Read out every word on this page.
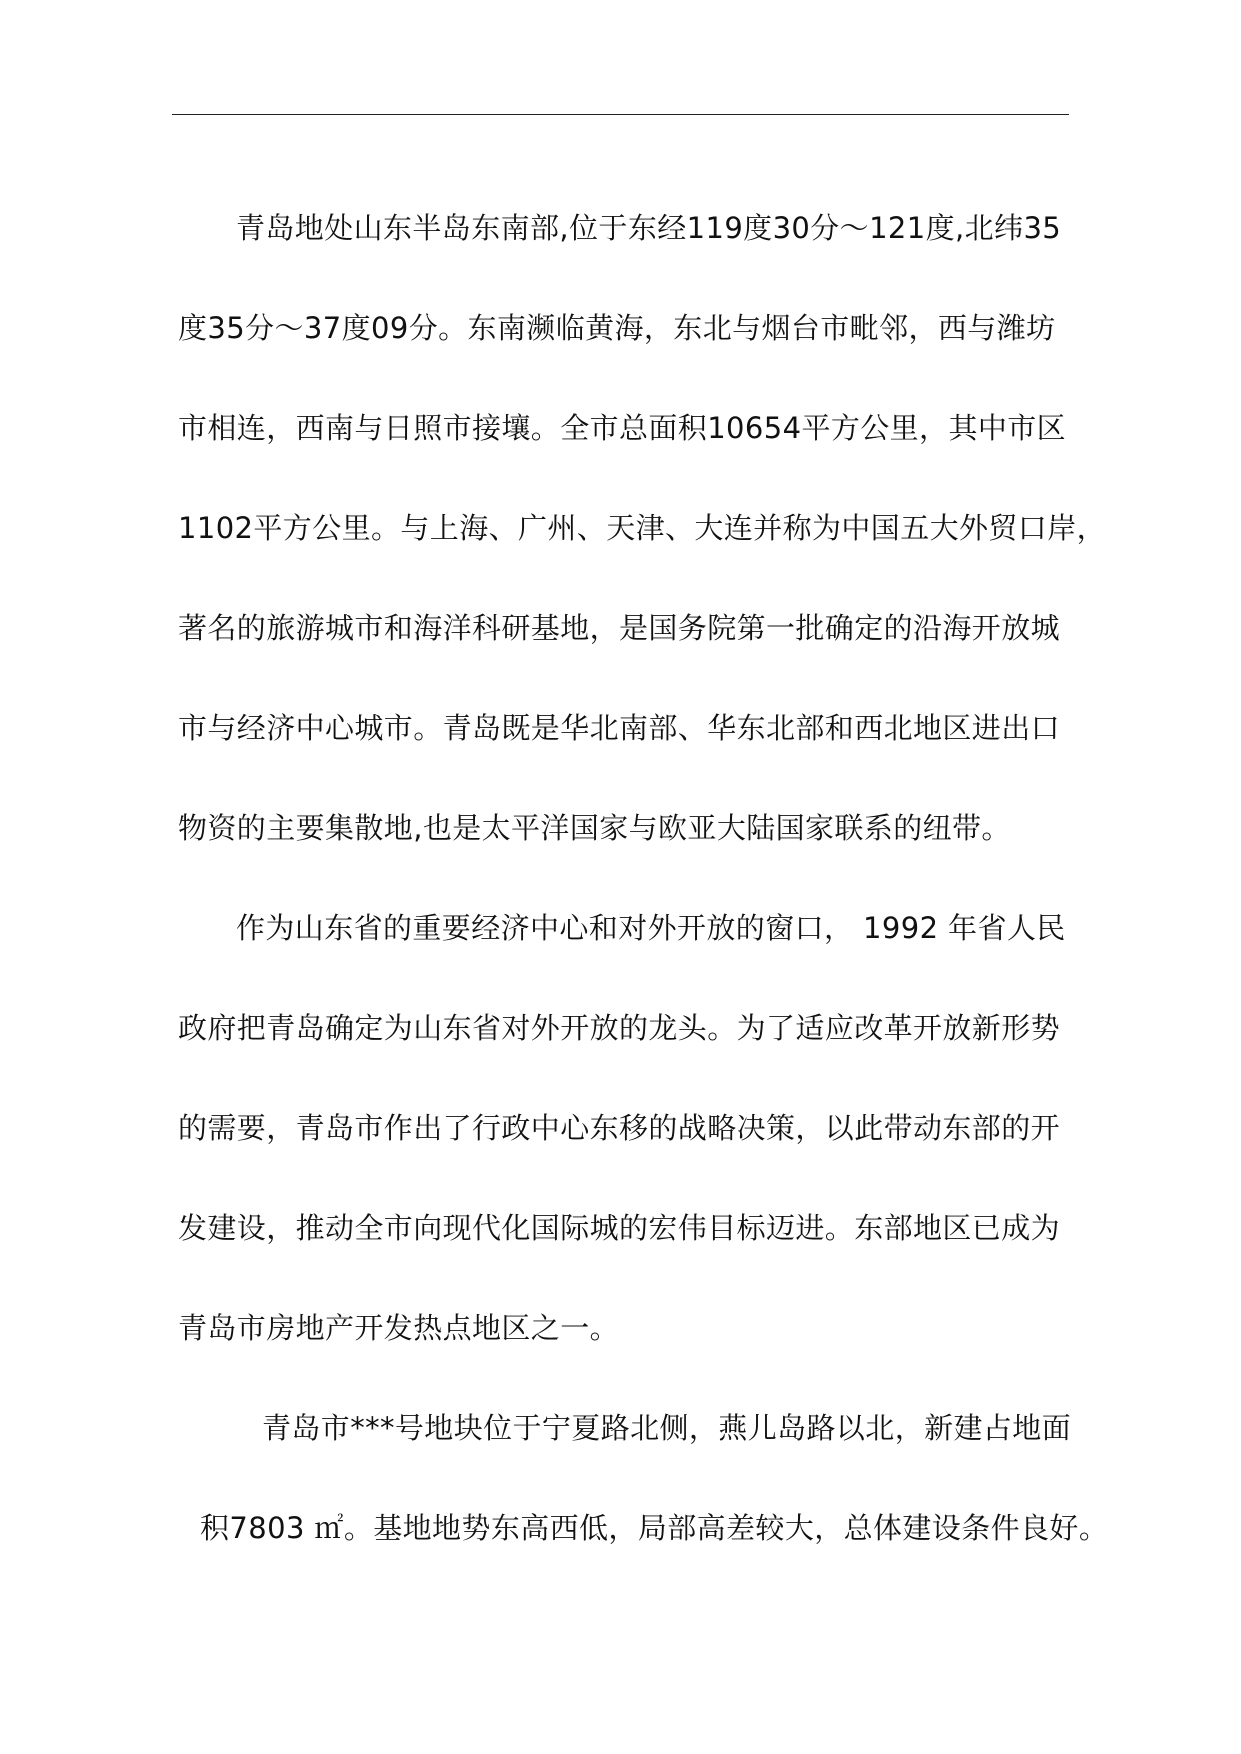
青岛地处山东半岛东南部,位于东经119度30分～121度,北纬35
度35分～37度09分。东南濒临黄海，东北与烟台市毗邻，西与潍坊
市相连，西南与日照市接壤。全市总面积10654平方公里，其中市区
1102平方公里。与上海、广州、天津、大连并称为中国五大外贸口岸，
著名的旅游城市和海洋科研基地，是国务院第一批确定的沿海开放城
市与经济中心城市。青岛既是华北南部、华东北部和西北地区进出口
物资的主要集散地,也是太平洋国家与欧亚大陆国家联系的纽带。
作为山东省的重要经济中心和对外开放的窗口， 1992 年省人民
政府把青岛确定为山东省对外开放的龙头。为了适应改革开放新形势
的需要，青岛市作出了行政中心东移的战略决策，以此带动东部的开
发建设，推动全市向现代化国际城的宏伟目标迈进。东部地区已成为
青岛市房地产开发热点地区之一。
青岛市***号地块位于宁夏路北侧，燕儿岛路以北，新建占地面
积7803 ㎡。基地地势东高西低，局部高差较大，总体建设条件良好。
